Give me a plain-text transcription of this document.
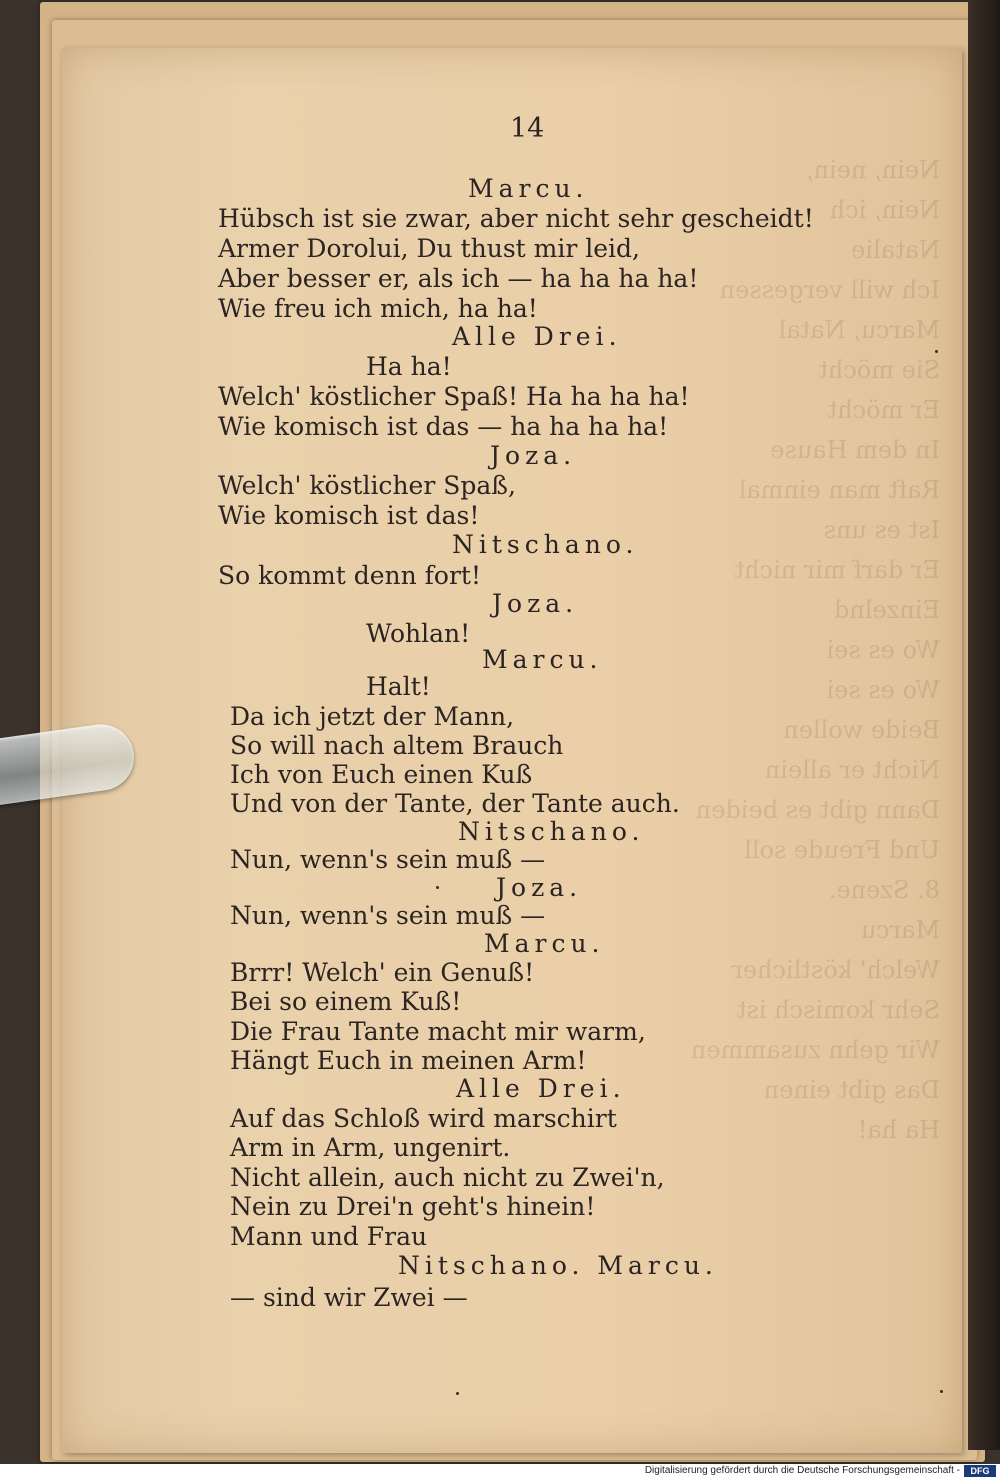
Nein, nein,
Nein, ich
Natalie
Ich will vergessen
Marcu, Natal
Sie möcht
Er möcht
In dem Hause
Raft man einmal
Ist es uns
Er darf mir nicht
Einzelnd
Wo es sei
Wo es sei
Beide wollen
Nicht er allein
Dann gibt es beiden
Und Freude soll
8. Szene.
Marcu
Welch' köstlicher
Sehr komisch ist
Wir gehn zusammen
Das gibt einen
Ha ha!
14
Marcu.
Hübsch ist sie zwar, aber nicht sehr gescheidt!
Armer Dorolui, Du thust mir leid,
Aber besser er, als ich — ha ha ha ha!
Wie freu ich mich, ha ha!
Alle Drei.
Ha ha!
Welch' köstlicher Spaß! Ha ha ha ha!
Wie komisch ist das — ha ha ha ha!
Joza.
Welch' köstlicher Spaß,
Wie komisch ist das!
Nitschano.
So kommt denn fort!
Joza.
Wohlan!
Marcu.
Halt!
Da ich jetzt der Mann,
So will nach altem Brauch
Ich von Euch einen Kuß
Und von der Tante, der Tante auch.
Nitschano.
Nun, wenn's sein muß —
Joza.
Nun, wenn's sein muß —
Marcu.
Brrr! Welch' ein Genuß!
Bei so einem Kuß!
Die Frau Tante macht mir warm,
Hängt Euch in meinen Arm!
Alle Drei.
Auf das Schloß wird marschirt
Arm in Arm, ungenirt.
Nicht allein, auch nicht zu Zwei'n,
Nein zu Drei'n geht's hinein!
Mann und Frau
Nitschano. Marcu.
— sind wir Zwei —
Digitalisierung gefördert durch die Deutsche Forschungsgemeinschaft -	DFG
